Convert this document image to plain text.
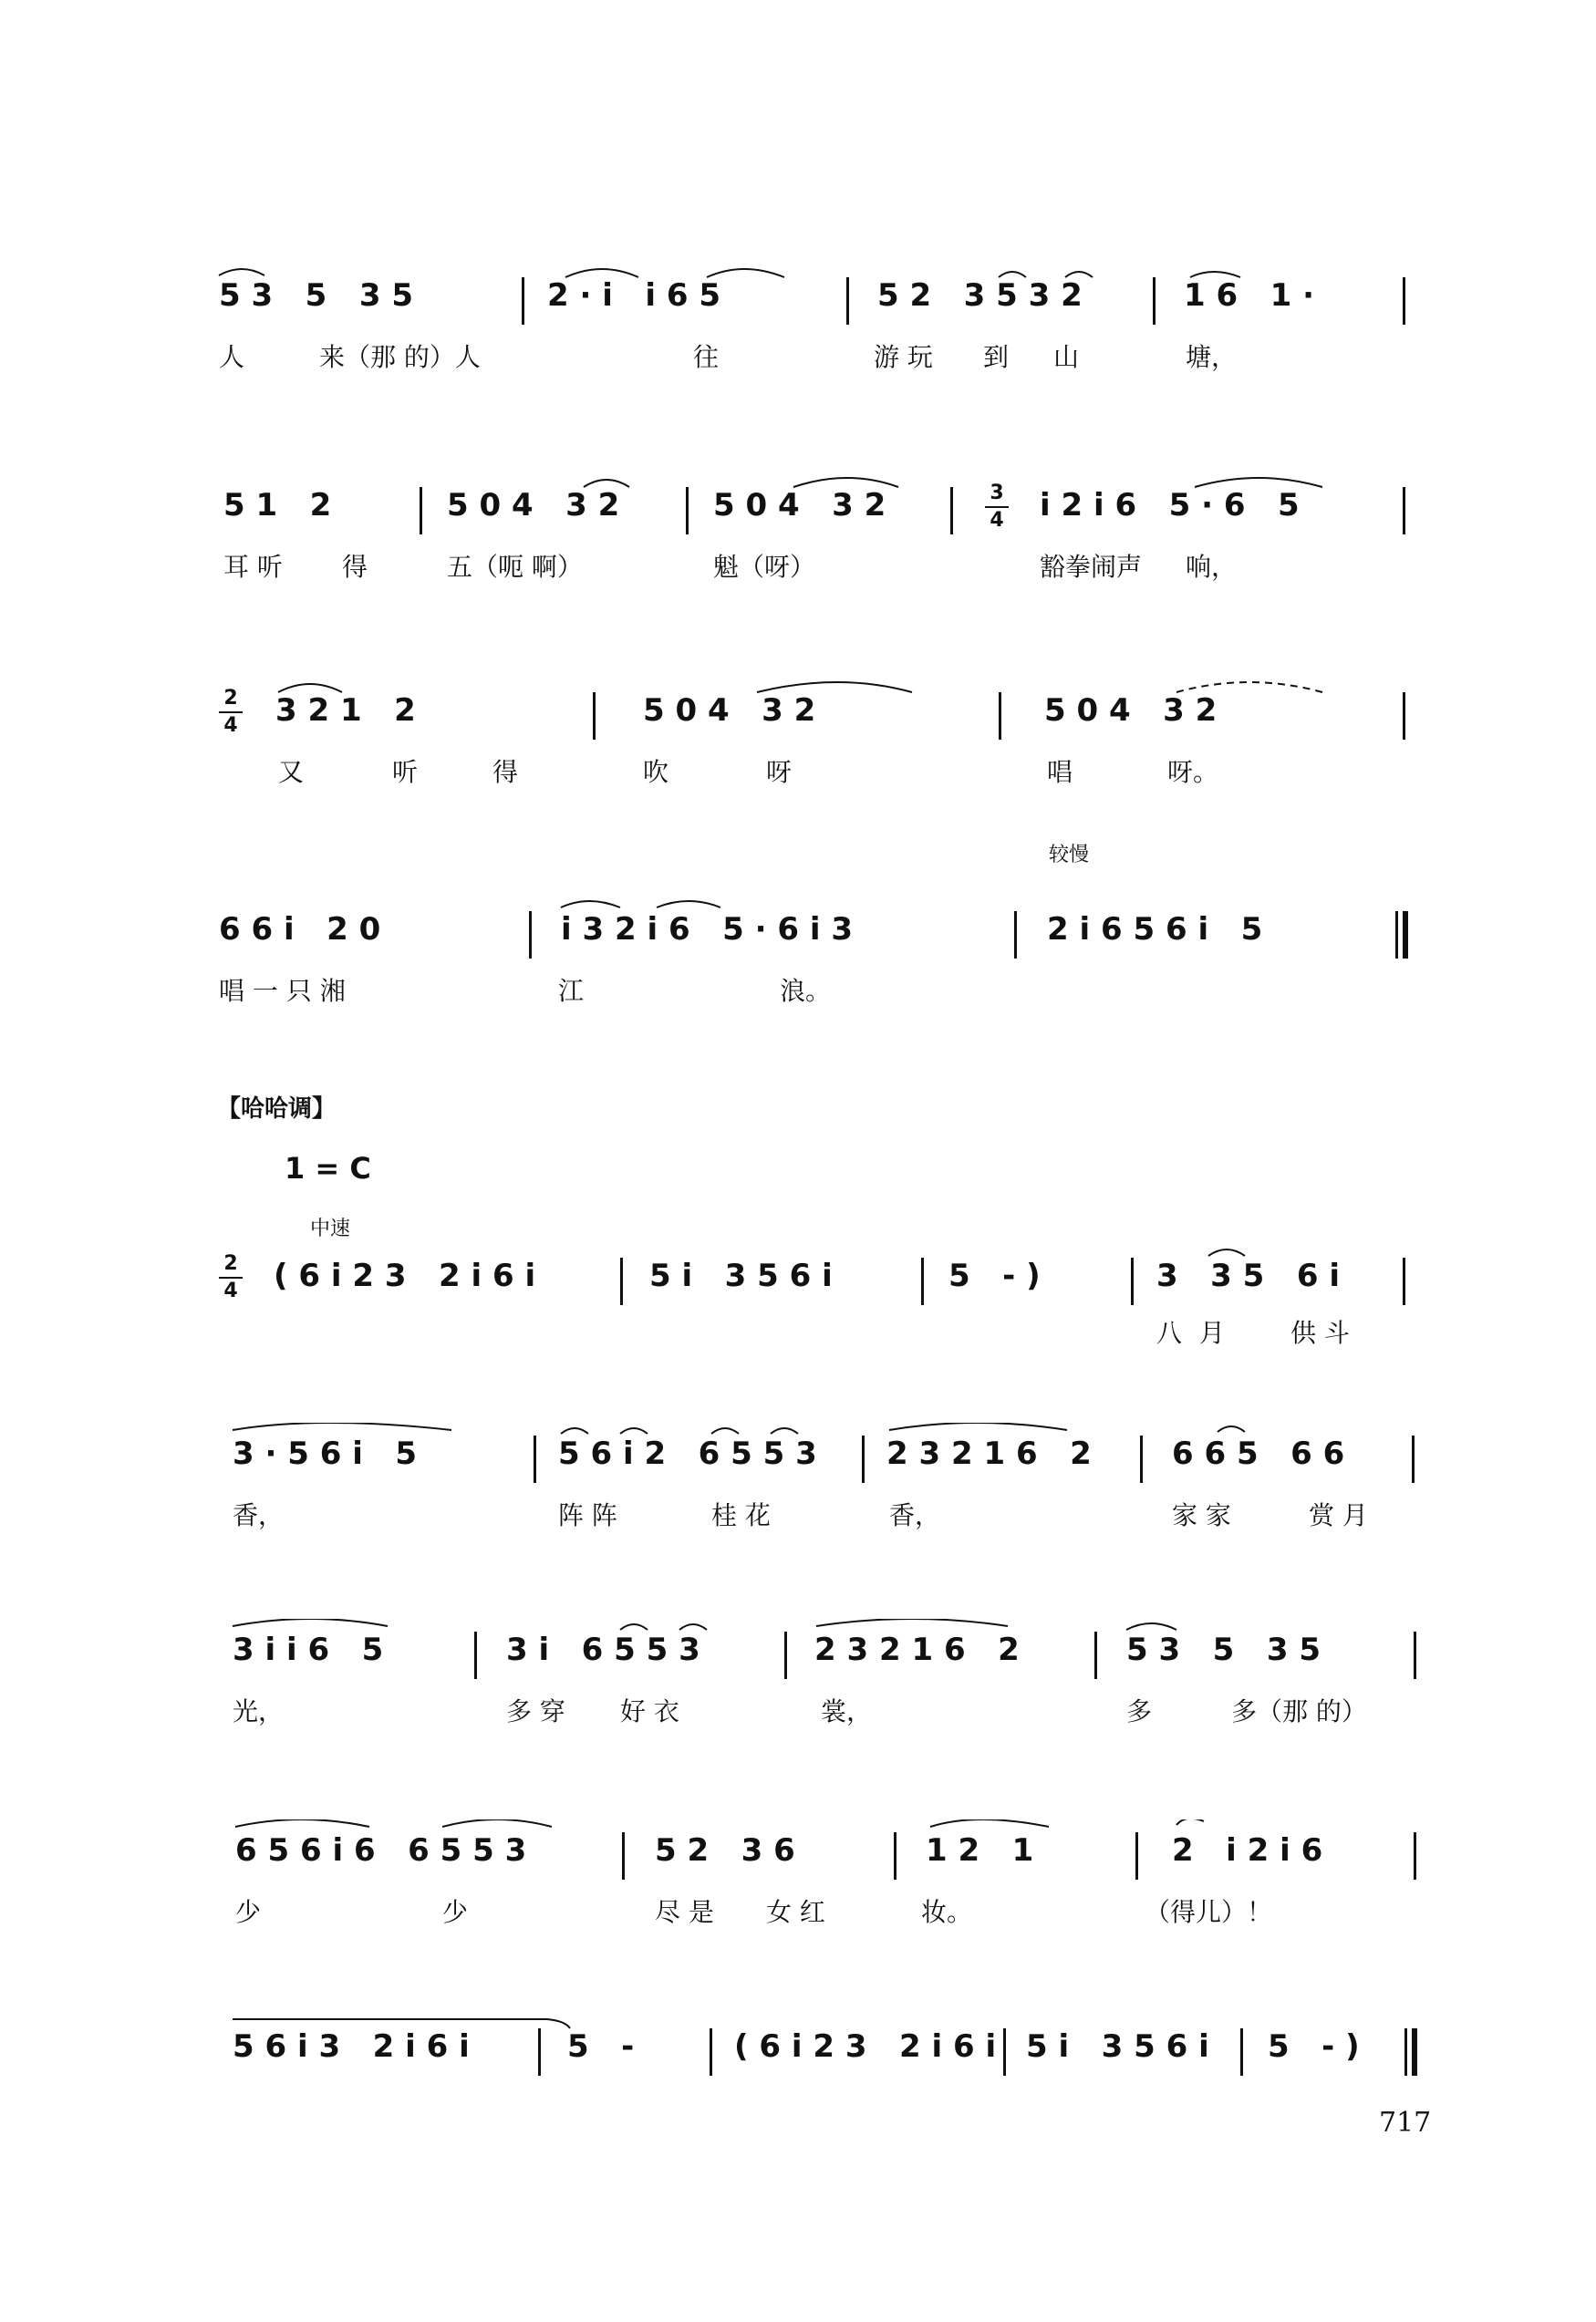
5 3   5   3 5	2 · i   i 6 5	5 2   3 5 3 2	1 6   1 ·
人	来（那 的）人	往	游 玩 到 山	塘，
5 1   2	5 0 4   3 2	5 0 4   3 2	3
4 i 2 i 6   5 · 6   5
耳 听 得	五（呃 啊）	魁（呀）	豁拳闹声 响，
2
4 3 2 1   2	5 0 4   3 2	5 0 4   3 2
又	听	得	吹	呀	唱	呀。
较慢
6 6 i   2 0	i 3 2 i 6   5 · 6 i 3	2 i 6 5 6 i   5
唱 一 只 湘	江	浪。
【哈哈调】
1 = C
中速
2
4 ( 6 i 2 3   2 i 6 i	5 i   3 5 6 i	5   - )	3   3 5   6 i
八 月	供 斗
3 · 5 6 i   5	5 6 i 2   6 5 5 3 2 3 2 1 6   2	6 6 5   6 6
香，	阵 阵	桂 花	香，	家 家	赏 月
3 i i 6   5	3 i   6 5 5 3	2 3 2 1 6   2	5 3   5   3 5
光，	多 穿 好 衣	裳，	多	多（那 的）
6 5 6 i 6   6 5 5 3	5 2   3 6	1 2   1	2   i 2 i 6
少	少	尽 是 女 红	妆。	（得儿）！
5 6 i 3   2 i 6 i	5   -	( 6 i 2 3   2 i 6 i 5 i   3 5 6 i 5   - )
717
